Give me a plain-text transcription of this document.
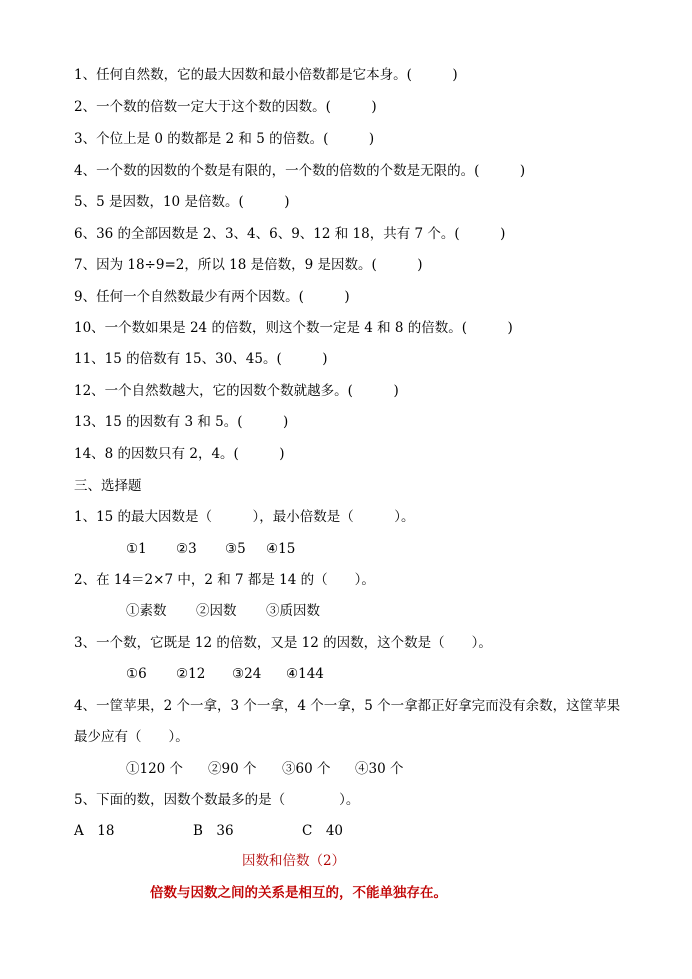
1、任何自然数，它的最大因数和最小倍数都是它本身。(　　　)
2、一个数的倍数一定大于这个数的因数。(　　　)
3、个位上是 0 的数都是 2 和 5 的倍数。(　　　)
4、一个数的因数的个数是有限的，一个数的倍数的个数是无限的。(　　　)
5、5 是因数，10 是倍数。(　　　)
6、36 的全部因数是 2、3、4、6、9、12 和 18，共有 7 个。(　　　)
7、因为 18÷9=2，所以 18 是倍数，9 是因数。(　　　)
9、任何一个自然数最少有两个因数。(　　　)
10、一个数如果是 24 的倍数，则这个数一定是 4 和 8 的倍数。(　　　)
11、15 的倍数有 15、30、45。(　　　)
12、一个自然数越大，它的因数个数就越多。(　　　)
13、15 的因数有 3 和 5。(　　　)
14、8 的因数只有 2，4。(　　　)
三、选择题
1、15 的最大因数是（　　　），最小倍数是（　　　）。
①1 ②3 ③5 ④15
2、在 14＝2×7 中，2 和 7 都是 14 的（　　）。
①素数 ②因数 ③质因数
3、一个数，它既是 12 的倍数，又是 12 的因数，这个数是（　　）。
①6 ②12 ③24 ④144
4、一筐苹果，2 个一拿，3 个一拿，4 个一拿，5 个一拿都正好拿完而没有余数，这筐苹果
最少应有（　　）。
①120 个 ②90 个 ③60 个 ④30 个
5、下面的数，因数个数最多的是（　　　　）。
A　18	B　36	C　40
因数和倍数（2）
倍数与因数之间的关系是相互的，不能单独存在。
